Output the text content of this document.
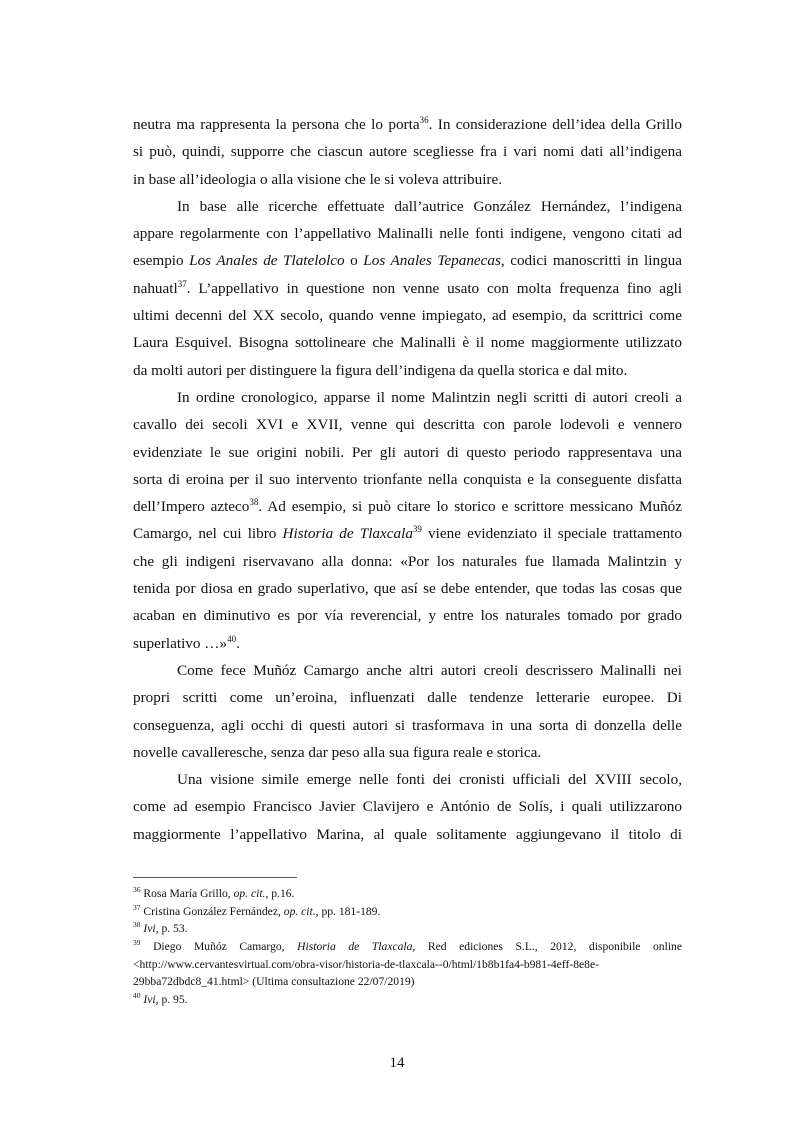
neutra ma rappresenta la persona che lo porta$^{36}$. In considerazione dell’idea della Grillo
si può, quindi, supporre che ciascun autore scegliesse fra i vari nomi dati all’indigena
in base all’ideologia o alla visione che le si voleva attribuire.
In base alle ricerche effettuate dall’autrice González Hernández, l’indigena
appare regolarmente con l’appellativo Malinalli nelle fonti indigene, vengono citati ad
esempio Los Anales de Tlatelolco o Los Anales Tepanecas, codici manoscritti in lingua
nahuatl$^{37}$. L’appellativo in questione non venne usato con molta frequenza fino agli
ultimi decenni del XX secolo, quando venne impiegato, ad esempio, da scrittrici come
Laura Esquivel. Bisogna sottolineare che Malinalli è il nome maggiormente utilizzato
da molti autori per distinguere la figura dell’indigena da quella storica e dal mito.
In ordine cronologico, apparse il nome Malintzin negli scritti di autori creoli a
cavallo dei secoli XVI e XVII, venne qui descritta con parole lodevoli e vennero
evidenziate le sue origini nobili. Per gli autori di questo periodo rappresentava una
sorta di eroina per il suo intervento trionfante nella conquista e la conseguente disfatta
dell’Impero azteco$^{38}$. Ad esempio, si può citare lo storico e scrittore messicano Muñóz
Camargo, nel cui libro Historia de Tlaxcala$^{39}$ viene evidenziato il speciale trattamento
che gli indigeni riservavano alla donna: «Por los naturales fue llamada Malintzin y
tenida por diosa en grado superlativo, que así se debe entender, que todas las cosas que
acaban en diminutivo es por vía reverencial, y entre los naturales tomado por grado
superlativo …»$^{40}$.
Come fece Muñóz Camargo anche altri autori creoli descrissero Malinalli nei
propri scritti come un’eroina, influenzati dalle tendenze letterarie europee. Di
conseguenza, agli occhi di questi autori si trasformava in una sorta di donzella delle
novelle cavalleresche, senza dar peso alla sua figura reale e storica.
Una visione simile emerge nelle fonti dei cronisti ufficiali del XVIII secolo,
come ad esempio Francisco Javier Clavijero e António de Solís, i quali utilizzarono
maggiormente l’appellativo Marina, al quale solitamente aggiungevano il titolo di
$^{36}$ Rosa María Grillo, op. cit., p.16.
$^{37}$ Cristina González Fernández, op. cit., pp. 181-189.
$^{38}$ Ivi, p. 53.
$^{39}$ Diego Muñóz Camargo, Historia de Tlaxcala, Red ediciones S.L., 2012, disponibile online
<http://www.cervantesvirtual.com/obra-visor/historia-de-tlaxcala--0/html/1b8b1fa4-b981-4eff-8e8e-
29bba72dbdc8_41.html> (Ultima consultazione 22/07/2019)
$^{40}$ Ivi, p. 95.
14
